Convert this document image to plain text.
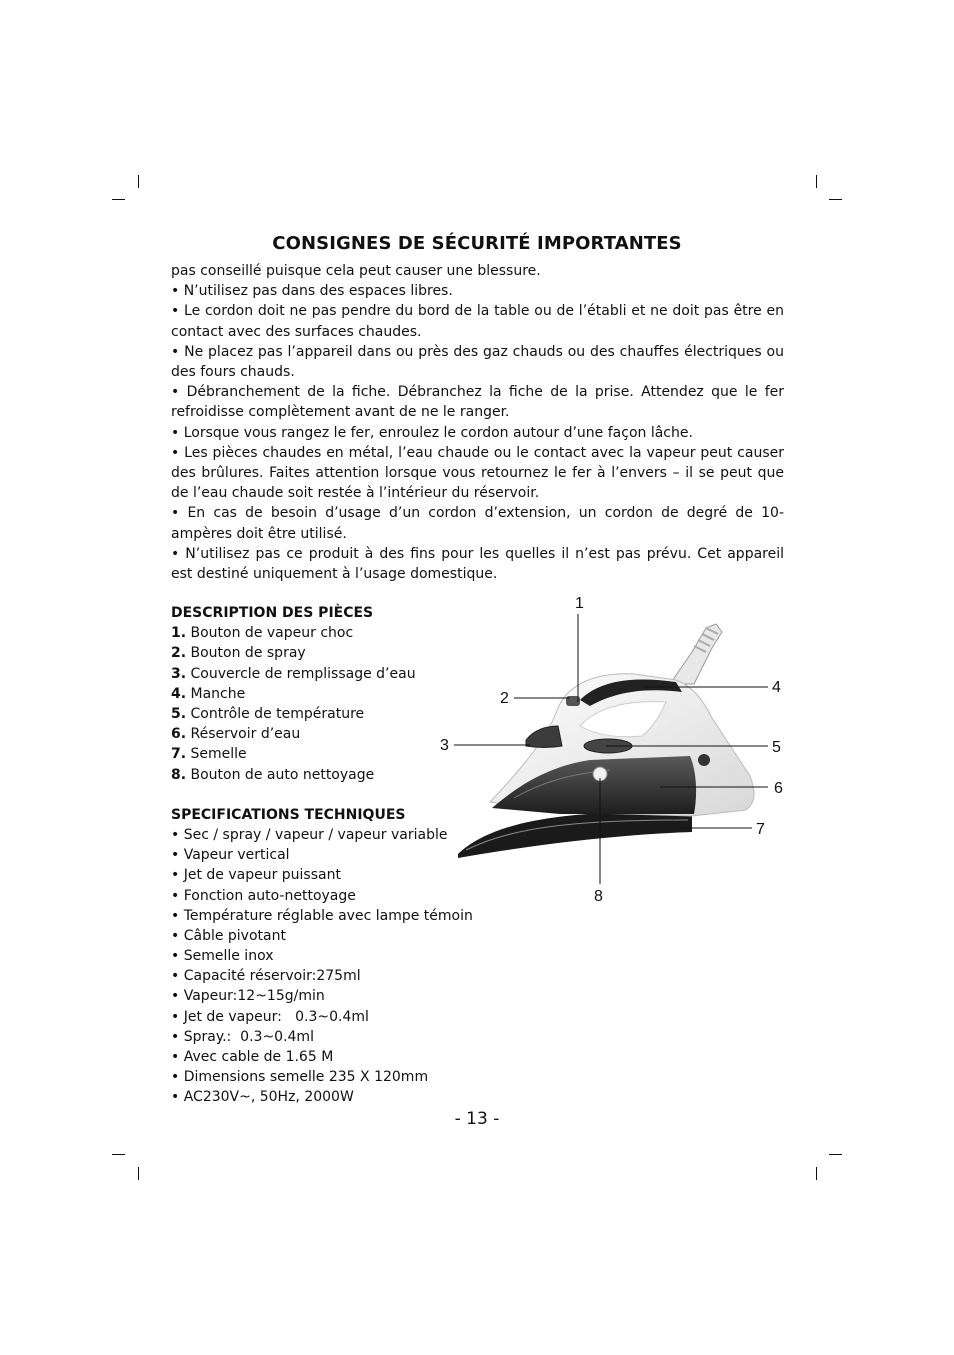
CONSIGNES DE SÉCURITÉ IMPORTANTES

pas conseillé puisque cela peut causer une blessure.

• N’utilisez pas dans des espaces libres.

• Le cordon doit ne pas pendre du bord de la table ou de l’établi et ne doit pas être en contact avec des surfaces chaudes.

• Ne placez pas l’appareil dans ou près des gaz chauds ou des chauffes électriques ou des fours chauds.

• Débranchement de la fiche. Débranchez la fiche de la prise. Attendez que le fer refroidisse complètement avant de ne le ranger.

• Lorsque vous rangez le fer, enroulez le cordon autour d’une façon lâche.

• Les pièces chaudes en métal, l’eau chaude ou le contact avec la vapeur peut causer des brûlures. Faites attention lorsque vous retournez le fer à l’envers – il se peut que de l’eau chaude soit restée à l’intérieur du réservoir.

• En cas de besoin d’usage d’un cordon d’extension, un cordon de degré de 10-ampères doit être utilisé.

• N’utilisez pas ce produit à des fins pour les quelles il n’est pas prévu. Cet appareil est destiné uniquement à l’usage domestique.

DESCRIPTION DES PIÈCES
1. Bouton de vapeur choc
2. Bouton de spray
3. Couvercle de remplissage d’eau
4. Manche
5. Contrôle de température
6. Réservoir d’eau
7. Semelle
8. Bouton de auto nettoyage
SPECIFICATIONS TECHNIQUES
• Sec / spray / vapeur / vapeur variable
• Vapeur vertical
• Jet de vapeur puissant
• Fonction auto-nettoyage
• Température réglable avec lampe témoin
• Câble pivotant
• Semelle inox
• Capacité réservoir:275ml
• Vapeur:12~15g/min
• Jet de vapeur:   0.3~0.4ml
• Spray.:  0.3~0.4ml
• Avec cable de 1.65 M
• Dimensions semelle 235 X 120mm
• AC230V~, 50Hz, 2000W
1
2
3
4
5
6
7
8
- 13 -
